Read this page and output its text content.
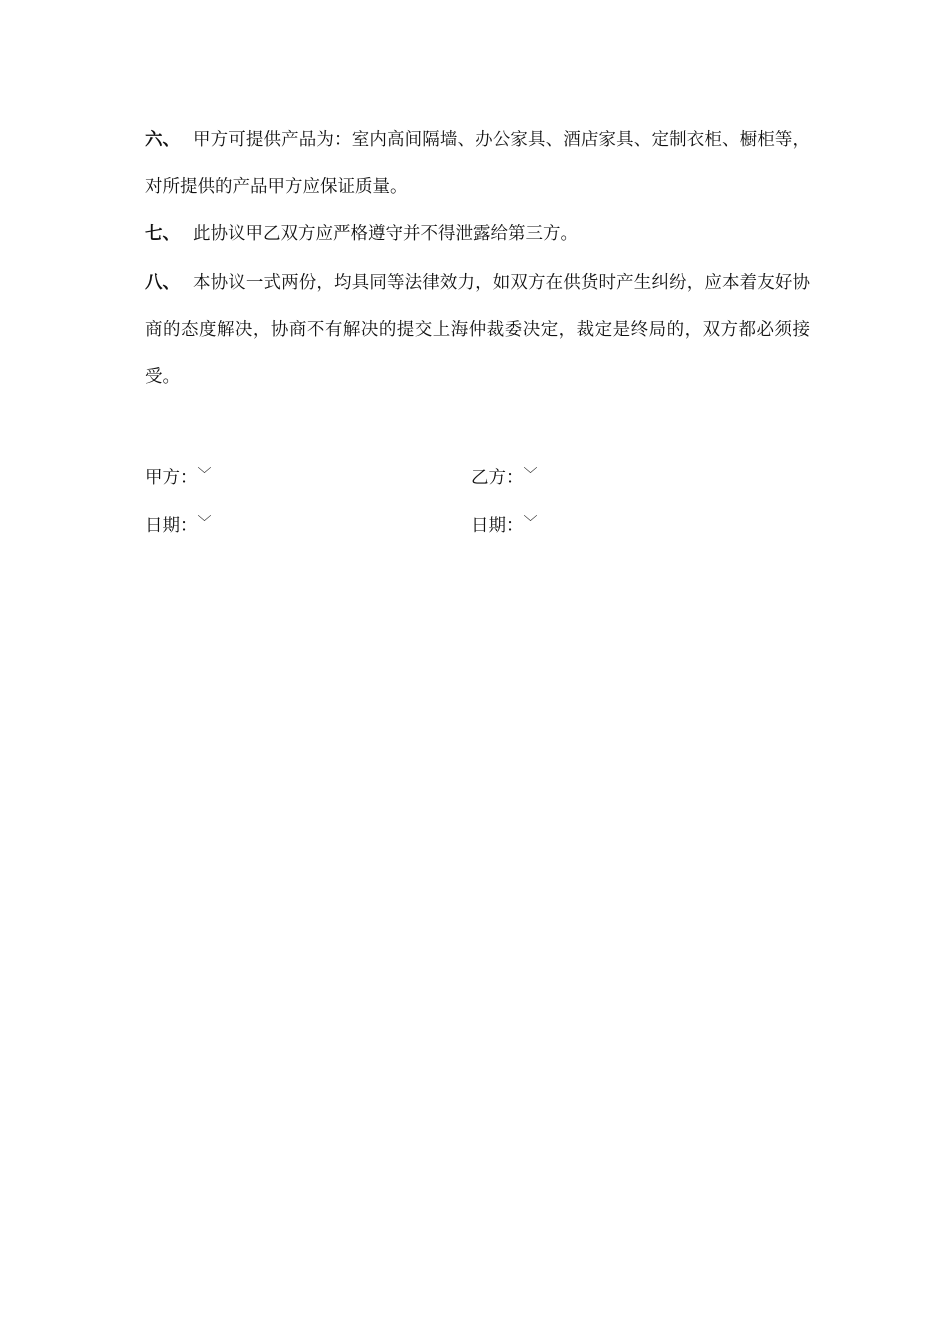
六、 甲方可提供产品为：室内高间隔墙、办公家具、酒店家具、定制衣柜、橱柜等，对所提供的产品甲方应保证质量。
七、 此协议甲乙双方应严格遵守并不得泄露给第三方。
八、 本协议一式两份，均具同等法律效力，如双方在供货时产生纠纷，应本着友好协商的态度解决，协商不有解决的提交上海仲裁委决定，裁定是终局的，双方都必须接受。
甲方：﹀	乙方：﹀
日期：﹀	日期：﹀
